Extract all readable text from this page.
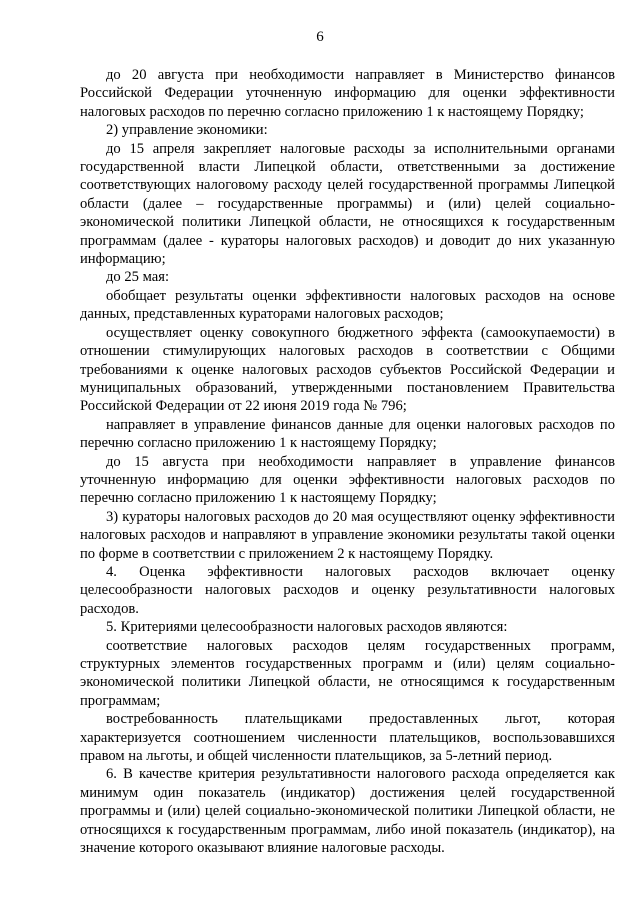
6

до 20 августа при необходимости направляет в Министерство финансов Российской Федерации уточненную информацию для оценки эффективности налоговых расходов по перечню согласно приложению 1 к настоящему Порядку;

2) управление экономики:

до 15 апреля закрепляет налоговые расходы за исполнительными органами государственной власти Липецкой области, ответственными за достижение соответствующих налоговому расходу целей государственной программы Липецкой области (далее – государственные программы) и (или) целей социально-экономической политики Липецкой области, не относящихся к государственным программам (далее - кураторы налоговых расходов) и доводит до них указанную информацию;

до 25 мая:

обобщает результаты оценки эффективности налоговых расходов на основе данных, представленных кураторами налоговых расходов;

осуществляет оценку совокупного бюджетного эффекта (самоокупаемости) в отношении стимулирующих налоговых расходов в соответствии с Общими требованиями к оценке налоговых расходов субъектов Российской Федерации и муниципальных образований, утвержденными постановлением Правительства Российской Федерации от 22 июня 2019 года № 796;

направляет в управление финансов данные для оценки налоговых расходов по перечню согласно приложению 1 к настоящему Порядку;

до 15 августа при необходимости направляет в управление финансов уточненную информацию для оценки эффективности налоговых расходов по перечню согласно приложению 1 к настоящему Порядку;

3) кураторы налоговых расходов до 20 мая осуществляют оценку эффективности налоговых расходов и направляют в управление экономики результаты такой оценки по форме в соответствии с приложением 2 к настоящему Порядку.

4. Оценка эффективности налоговых расходов включает оценку целесообразности налоговых расходов и оценку результативности налоговых расходов.

5. Критериями целесообразности налоговых расходов являются:

соответствие налоговых расходов целям государственных программ, структурных элементов государственных программ и (или) целям социально-экономической политики Липецкой области, не относящимся к государственным программам;

востребованность плательщиками предоставленных льгот, которая характеризуется соотношением численности плательщиков, воспользовавшихся правом на льготы, и общей численности плательщиков, за 5-летний период.

6. В качестве критерия результативности налогового расхода определяется как минимум один показатель (индикатор) достижения целей государственной программы и (или) целей социально-экономической политики Липецкой области, не относящихся к государственным программам, либо иной показатель (индикатор), на значение которого оказывают влияние налоговые расходы.
